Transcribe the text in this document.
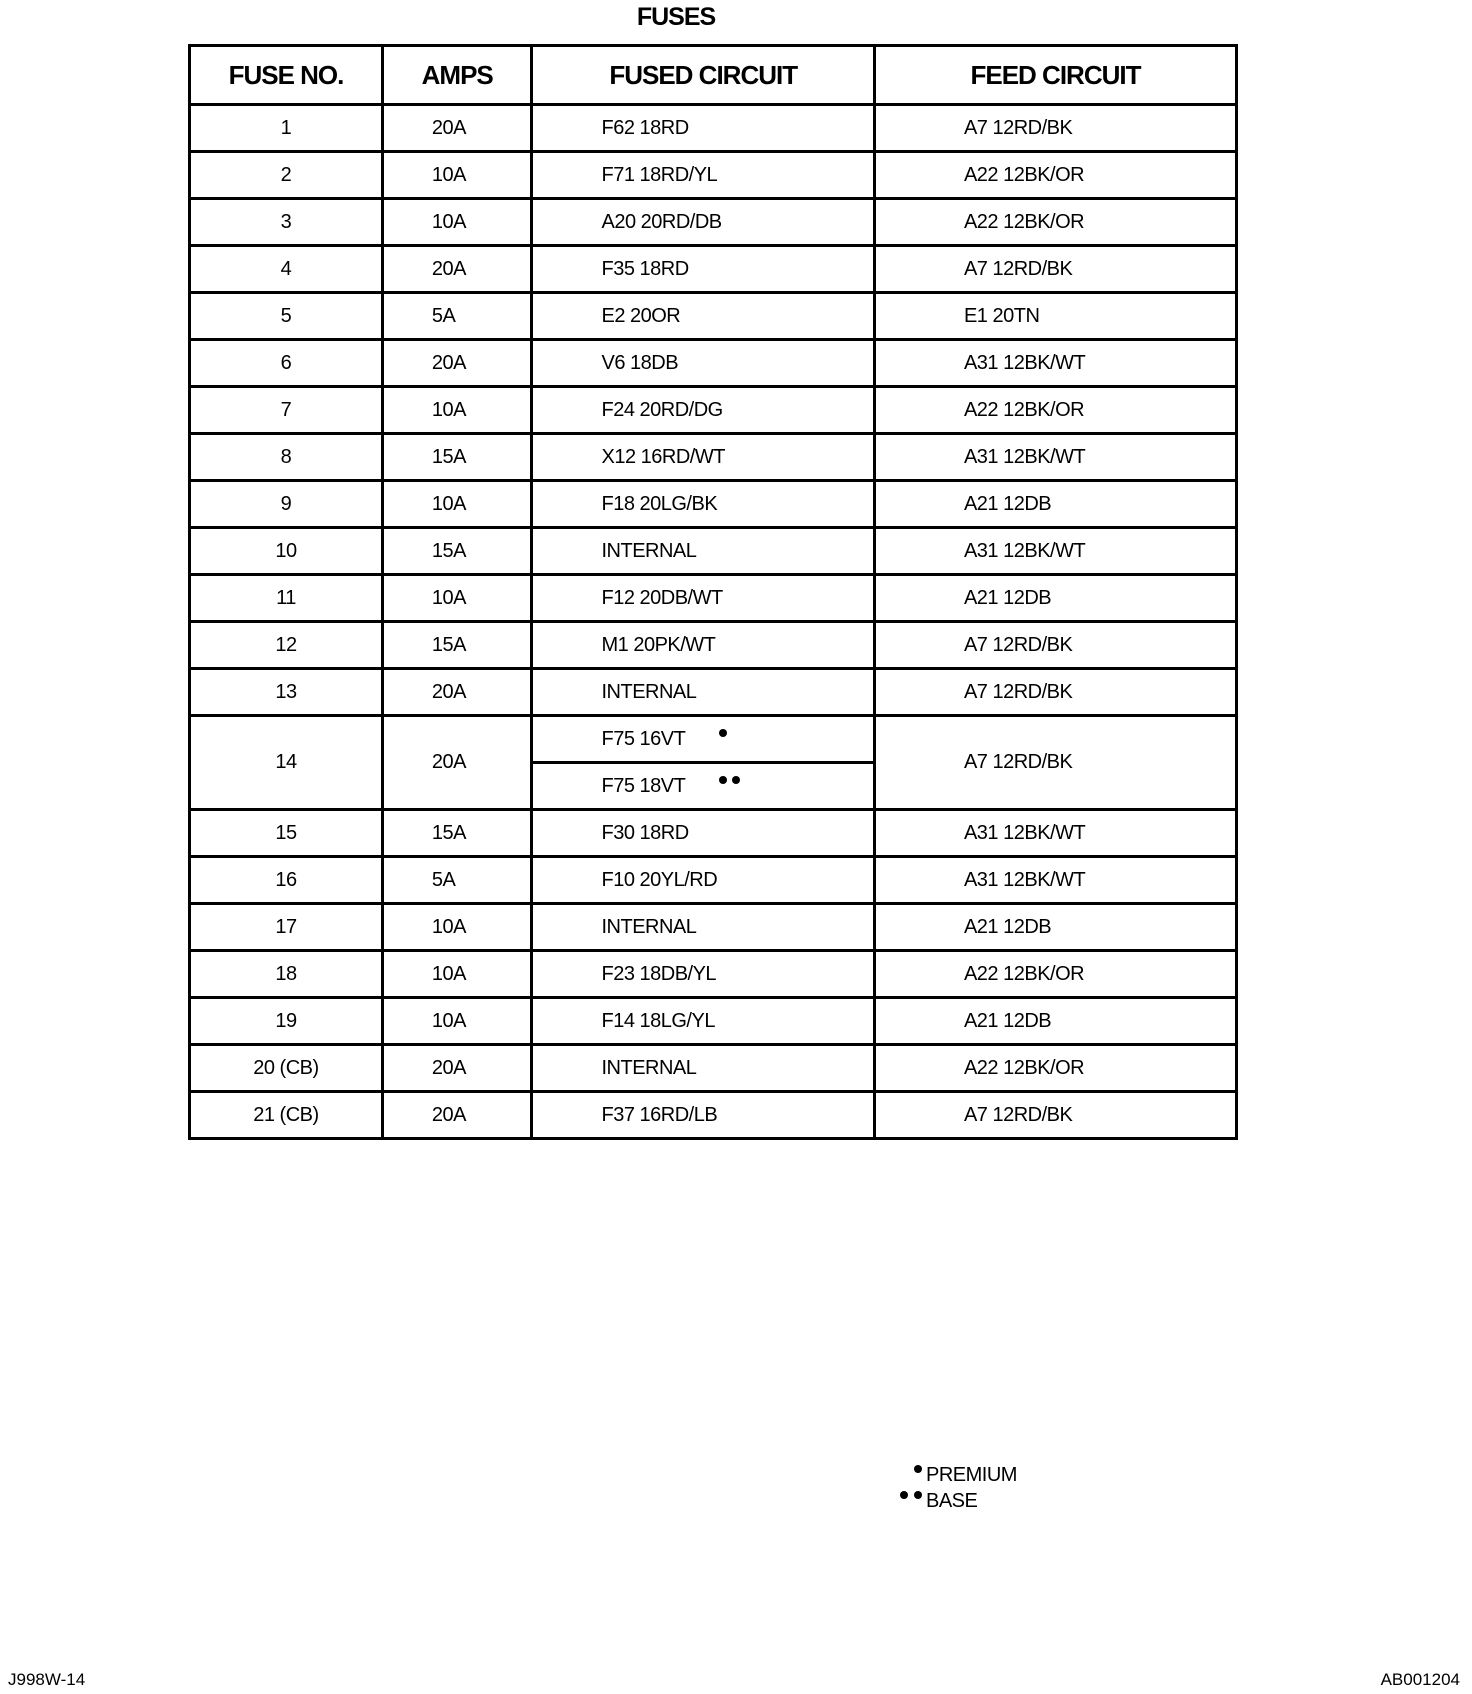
FUSES
FUSE NO.	AMPS	FUSED CIRCUIT	FEED CIRCUIT
1	20A	F62 18RD	A7 12RD/BK
2	10A	F71 18RD/YL	A22 12BK/OR
3	10A	A20 20RD/DB	A22 12BK/OR
4	20A	F35 18RD	A7 12RD/BK
5	5A	E2 20OR	E1 20TN
6	20A	V6 18DB	A31 12BK/WT
7	10A	F24 20RD/DG	A22 12BK/OR
8	15A	X12 16RD/WT	A31 12BK/WT
9	10A	F18 20LG/BK	A21 12DB
10	15A	INTERNAL	A31 12BK/WT
11	10A	F12 20DB/WT	A21 12DB
12	15A	M1 20PK/WT	A7 12RD/BK
13	20A	INTERNAL	A7 12RD/BK
14	20A	F75 16VT	A7 12RD/BK
		F75 18VT	
15	15A	F30 18RD	A31 12BK/WT
16	5A	F10 20YL/RD	A31 12BK/WT
17	10A	INTERNAL	A21 12DB
18	10A	F23 18DB/YL	A22 12BK/OR
19	10A	F14 18LG/YL	A21 12DB
20 (CB)	20A	INTERNAL	A22 12BK/OR
21 (CB)	20A	F37 16RD/LB	A7 12RD/BK
PREMIUM
BASE
J998W-14	AB001204
